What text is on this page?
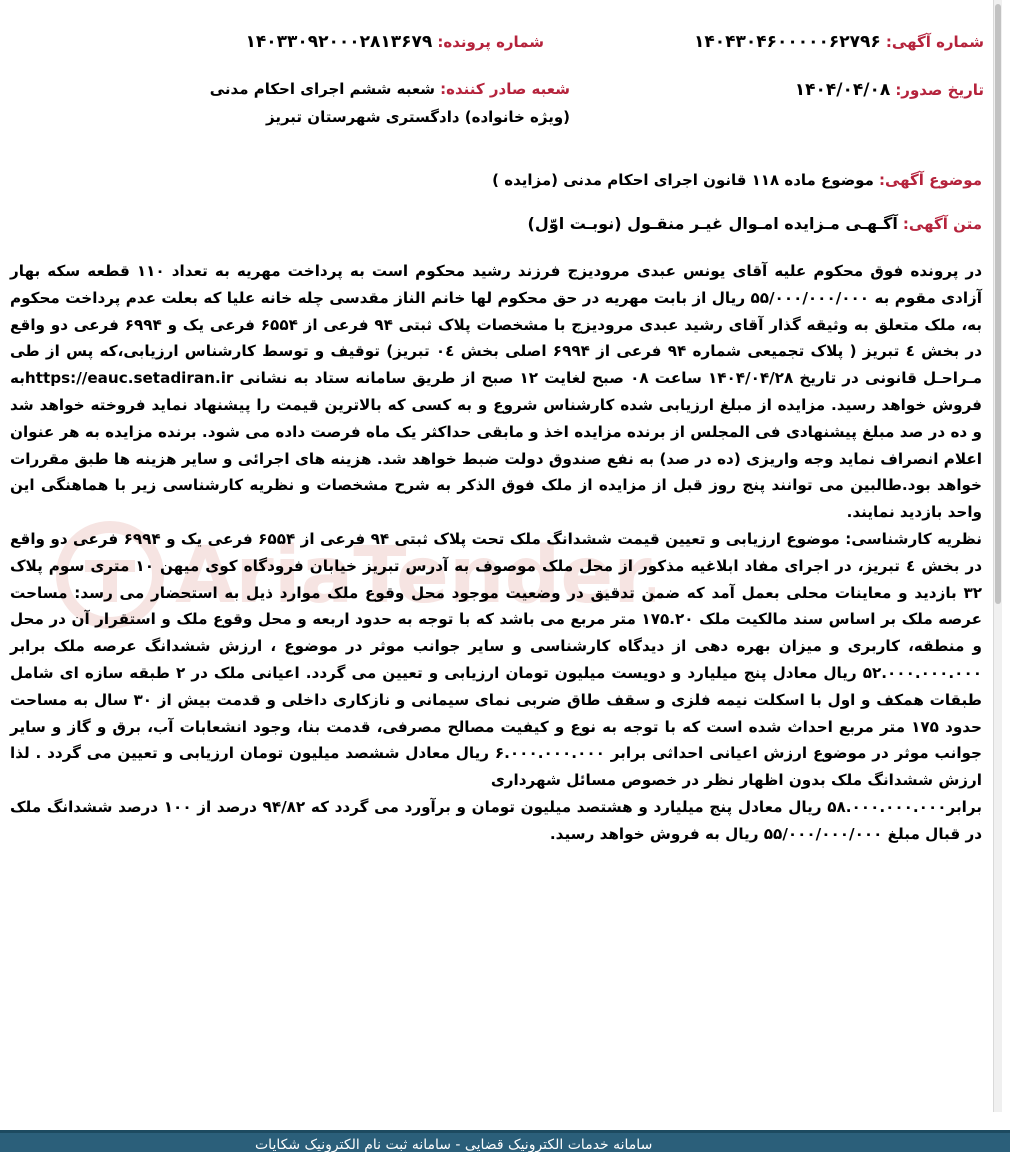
AriaTender
شماره آگهی: ۱۴۰۴۳۰۴۶۰۰۰۰۰۶۲۷۹۶
شماره پرونده: ۱۴۰۳۳۰۹۲۰۰۰۲۸۱۳۶۷۹
تاریخ صدور: ۱۴۰۴/۰۴/۰۸
شعبه صادر کننده: شعبه ششم اجرای احکام مدنی (ویژه خانواده) دادگستری شهرستان تبریز
موضوع آگهی: موضوع ماده ۱۱۸ قانون اجرای احکام مدنی (مزایده )
متن آگهی: آگـهـی مـزایده امـوال غیـر منقـول (نوبـت اوّل)

در پرونده فوق محکوم علیه آقای یونس عبدی مرودیزج فرزند رشید محکوم است به پرداخت مهریه به تعداد ۱۱۰ قطعه سکه بهار آزادی مقوم به ۵۵/۰۰۰/۰۰۰/۰۰۰ ریال از بابت مهریه در حق محکوم لها خانم الناز مقدسی چله خانه علیا که بعلت عدم پرداخت محکوم به، ملک متعلق به وثیقه گذار آقای رشید عبدی مرودیزج با مشخصات پلاک ثبتی ۹۴ فرعی از ۶۵۵۴ فرعی یک و ۶۹۹۴ فرعی دو واقع در بخش ٤ تبریز ( پلاک تجمیعی شماره ۹۴ فرعی از ۶۹۹۴ اصلی بخش ۰٤ تبریز) توقیف و توسط کارشناس ارزیابی،که پس از طی مـراحـل قانونی در تاریخ ۱۴۰۴/۰۴/۲۸ ساعت ۰۸ صبح لغایت ۱۲ صبح از طریق سامانه ستاد به نشانی https://eauc.setadiran.irبه فروش خواهد رسید. مزایده از مبلغ ارزیابی شده کارشناس شروع و به کسی که بالاترین قیمت را پیشنهاد نماید فروخته خواهد شد و ده در صد مبلغ پیشنهادی فی المجلس از برنده مزایده اخذ و مابقی حداکثر یک ماه فرصت داده می شود. برنده مزایده به هر عنوان اعلام انصراف نماید وجه واریزی (ده در صد) به نفع صندوق دولت ضبط خواهد شد. هزینه های اجرائی و سایر هزینه ها طبق مقررات خواهد بود.طالبین می توانند پنج روز قبل از مزایده از ملک فوق الذکر به شرح مشخصات و نظریه کارشناسی زیر با هماهنگی این واحد بازدید نمایند.

نظریه کارشناسی: موضوع ارزیابی و تعیین قیمت ششدانگ ملک تحت پلاک ثبتی ۹۴ فرعی از ۶۵۵۴ فرعی یک و ۶۹۹۴ فرعی دو واقع در بخش ٤ تبریز، در اجرای مفاد ابلاغیه مذکور از محل ملک موصوف به آدرس تبریز خیابان فرودگاه کوی میهن ۱۰ متری سوم پلاک ۳۲ بازدید و معاینات محلی بعمل آمد که ضمن تدقیق در وضعیت موجود محل وقوع ملک موارد ذیل به استحضار می رسد: مساحت عرصه ملک بر اساس سند مالکیت ملک ۱۷۵.۲۰ متر مربع می باشد که با توجه به حدود اربعه و محل وقوع ملک و استقرار آن در محل و منطقه، کاربری و میزان بهره دهی از دیدگاه کارشناسی و سایر جوانب موثر در موضوع ، ارزش ششدانگ عرصه ملک برابر ۵۲.۰۰۰.۰۰۰.۰۰۰ ریال معادل پنج میلیارد و دویست میلیون تومان ارزیابی و تعیین می گردد. اعیانی ملک در ۲ طبقه سازه ای شامل طبقات همکف و اول با اسکلت نیمه فلزی و سقف طاق ضربی نمای سیمانی و نازکاری داخلی و قدمت بیش از ۳۰ سال به مساحت حدود ۱۷۵ متر مربع احداث شده است که با توجه به نوع و کیفیت مصالح مصرفی، قدمت بنا، وجود انشعابات آب، برق و گاز و سایر جوانب موثر در موضوع ارزش اعیانی احداثی برابر ۶.۰۰۰.۰۰۰.۰۰۰ ریال معادل ششصد میلیون تومان ارزیابی و تعیین می گردد . لذا ارزش ششدانگ ملک بدون اظهار نظر در خصوص مسائل شهرداری

برابر۵۸.۰۰۰.۰۰۰.۰۰۰ ریال معادل پنج میلیارد و هشتصد میلیون تومان و برآورد می گردد که ۹۴/۸۲ درصد از ۱۰۰ درصد ششدانگ ملک در قبال مبلغ ۵۵/۰۰۰/۰۰۰/۰۰۰ ریال به فروش خواهد رسید.

سامانه خدمات الکترونیک قضایی - سامانه ثبت نام الکترونیک شکایات
